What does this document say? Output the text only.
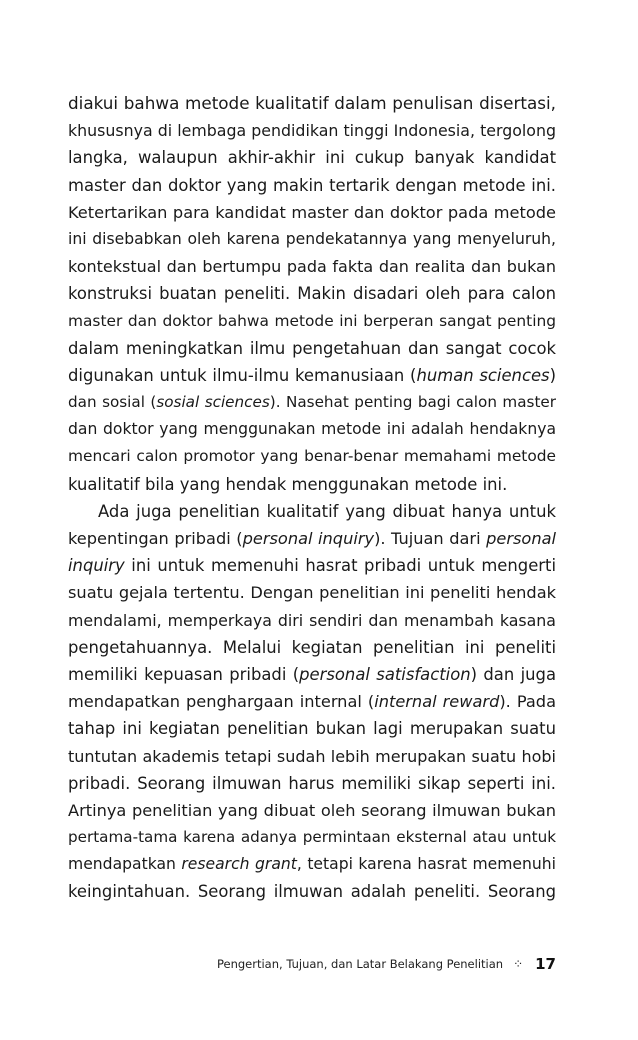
diakui bahwa metode kualitatif dalam penulisan disertasi,
khususnya di lembaga pendidikan tinggi Indonesia, tergolong
langka, walaupun akhir-akhir ini cukup banyak kandidat
master dan doktor yang makin tertarik dengan metode ini.
Ketertarikan para kandidat master dan doktor pada metode
ini disebabkan oleh karena pendekatannya yang menyeluruh,
kontekstual dan bertumpu pada fakta dan realita dan bukan
konstruksi buatan peneliti. Makin disadari oleh para calon
master dan doktor bahwa metode ini berperan sangat penting
dalam meningkatkan ilmu pengetahuan dan sangat cocok
digunakan untuk ilmu-ilmu kemanusiaan (human sciences)
dan sosial (sosial sciences). Nasehat penting bagi calon master
dan doktor yang menggunakan metode ini adalah hendaknya
mencari calon promotor yang benar-benar memahami metode
kualitatif bila yang hendak menggunakan metode ini.
Ada juga penelitian kualitatif yang dibuat hanya untuk
kepentingan pribadi (personal inquiry). Tujuan dari personal
inquiry ini untuk memenuhi hasrat pribadi untuk mengerti
suatu gejala tertentu. Dengan penelitian ini peneliti hendak
mendalami, memperkaya diri sendiri dan menambah kasana
pengetahuannya. Melalui kegiatan penelitian ini peneliti
memiliki kepuasan pribadi (personal satisfaction) dan juga
mendapatkan penghargaan internal (internal reward). Pada
tahap ini kegiatan penelitian bukan lagi merupakan suatu
tuntutan akademis tetapi sudah lebih merupakan suatu hobi
pribadi. Seorang ilmuwan harus memiliki sikap seperti ini.
Artinya penelitian yang dibuat oleh seorang ilmuwan bukan
pertama-tama karena adanya permintaan eksternal atau untuk
mendapatkan research grant, tetapi karena hasrat memenuhi
keingintahuan. Seorang ilmuwan adalah peneliti. Seorang
Pengertian, Tujuan, dan Latar Belakang Penelitian ⁘ 17
